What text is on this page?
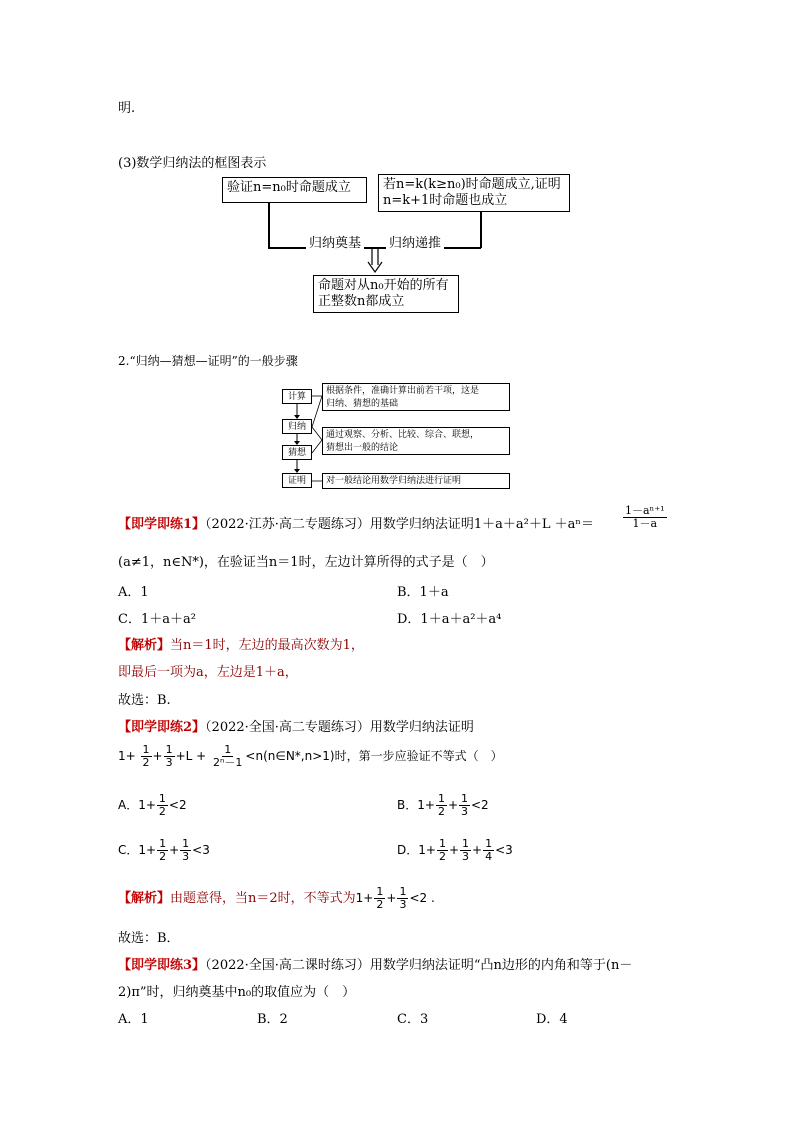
明.
(3)数学归纳法的框图表示
验证n=n₀时命题成立	若n=k(k≥n₀)时命题成立,证明
n=k+1时命题也成立
归纳奠基 归纳递推
命题对从n₀开始的所有
正整数n都成立
2.“归纳—猜想—证明”的一般步骤
计算
归纳
猜想
证明
根据条件，准确计算出前若干项，这是
归纳、猜想的基础
通过观察、分析、比较、综合、联想，
猜想出一般的结论
对一般结论用数学归纳法进行证明
【即学即练1】（2022·江苏·高二专题练习）用数学归纳法证明1＋a＋a²＋L ＋aⁿ＝	$\frac{\text{1－aⁿ⁺¹}}{1-a}$
(a≠1，n∈N*)，在验证当n＝1时，左边计算所得的式子是（　）
A．1	B．1＋a
C．1＋a＋a²	D．1＋a＋a²＋a⁴
【解析】当n＝1时，左边的最高次数为1，
即最后一项为a，左边是1＋a，
故选：B.
【即学即练2】（2022·全国·高二专题练习）用数学归纳法证明
$1+ \frac{1}{2} + \frac{1}{3} +L + \frac{1}{\text{2ⁿ－1}}$ <n(n∈N*,n>1)时，第一步应验证不等式（　）
A．$1+ \frac{1}{2} <2$	B．$1+ \frac{1}{2} + \frac{1}{3} <2$
C．$1+ \frac{1}{2} + \frac{1}{3} <3$	D．$1+ \frac{1}{2} + \frac{1}{3} + \frac{1}{4} <3$
【解析】由题意得，当n＝2时，不等式为$1+ \frac{1}{2} + \frac{1}{3} <2$ .
故选：B．
【即学即练3】（2022·全国·高二课时练习）用数学归纳法证明“凸n边形的内角和等于(n－
2)π”时，归纳奠基中n₀的取值应为（　）
A．1	B．2	C．3	D．4
